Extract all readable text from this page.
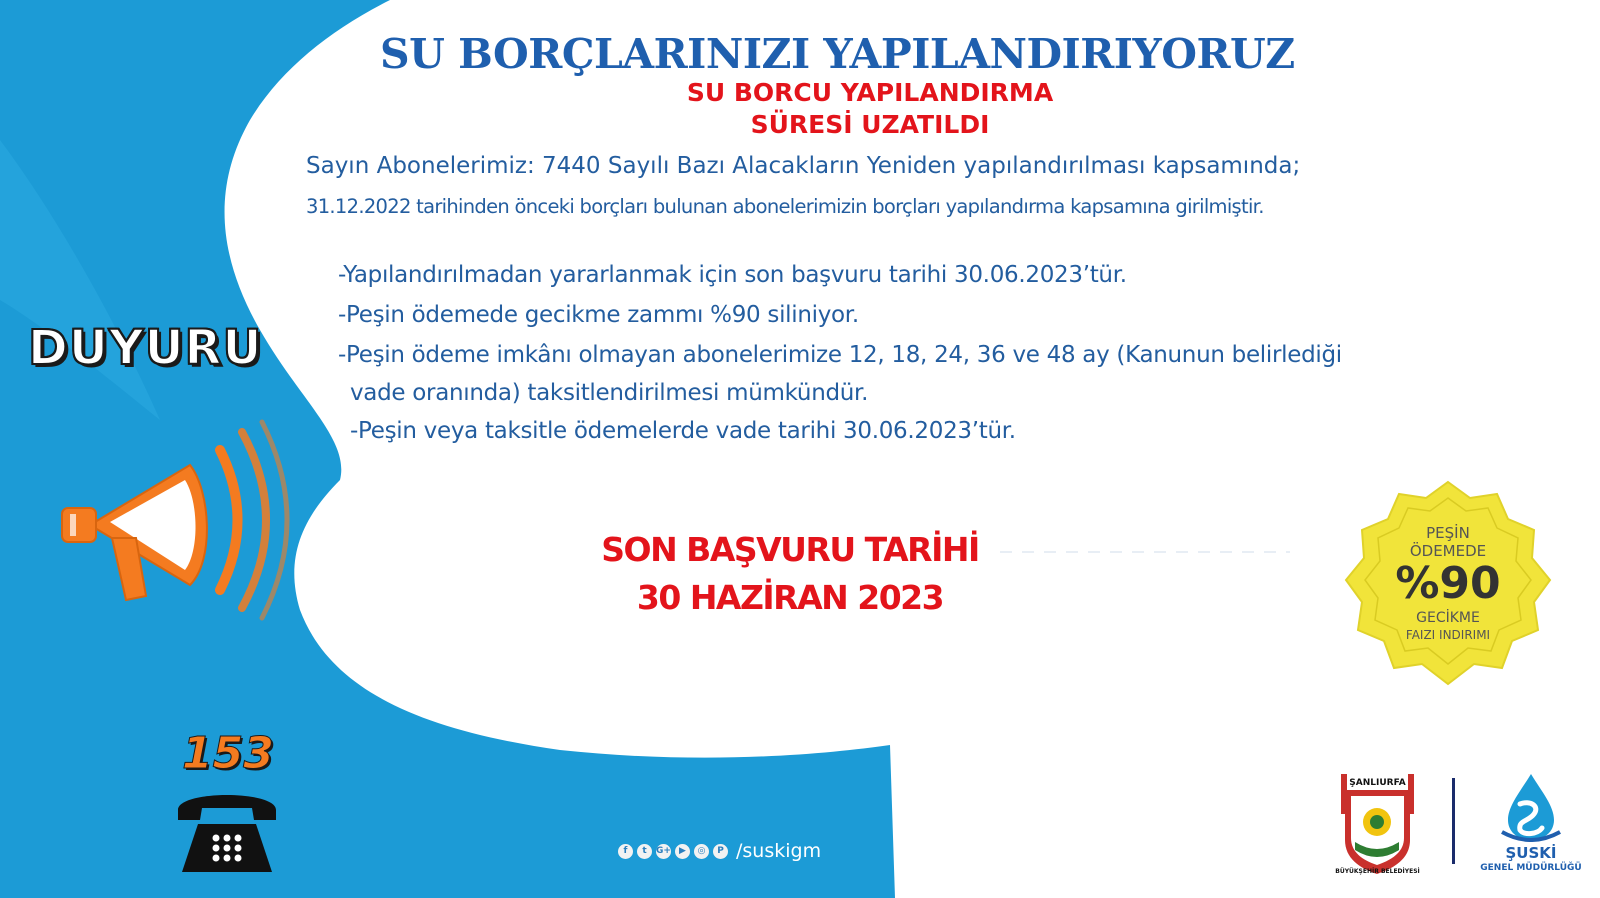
SU BORÇLARINIZI YAPILANDIRIYORUZ
SU BORCU YAPILANDIRMA
SÜRESİ UZATILDI
Sayın Abonelerimiz: 7440 Sayılı Bazı Alacakların Yeniden yapılandırılması kapsamında;
31.12.2022 tarihinden önceki borçları bulunan abonelerimizin borçları yapılandırma kapsamına girilmiştir.
-Yapılandırılmadan yararlanmak için son başvuru tarihi 30.06.2023’tür.
-Peşin ödemede gecikme zammı %90 siliniyor.
-Peşin ödeme imkânı olmayan abonelerimize 12, 18, 24, 36 ve 48 ay (Kanunun belirlediği
vade oranında) taksitlendirilmesi mümkündür.
-Peşin veya taksitle ödemelerde vade tarihi 30.06.2023’tür.
SON BAŞVURU TARİHİ
30 HAZİRAN 2023
DUYURU
153
PEŞİN
ÖDEMEDE
%90
GECİKME
FAIZI INDIRIMI
f	t	G+ ▶	◎	P /suskigm
ŞANLIURFA
BÜYÜKŞEHİR BELEDİYESİ
ŞUSKİ
GENEL MÜDÜRLÜĞÜ
